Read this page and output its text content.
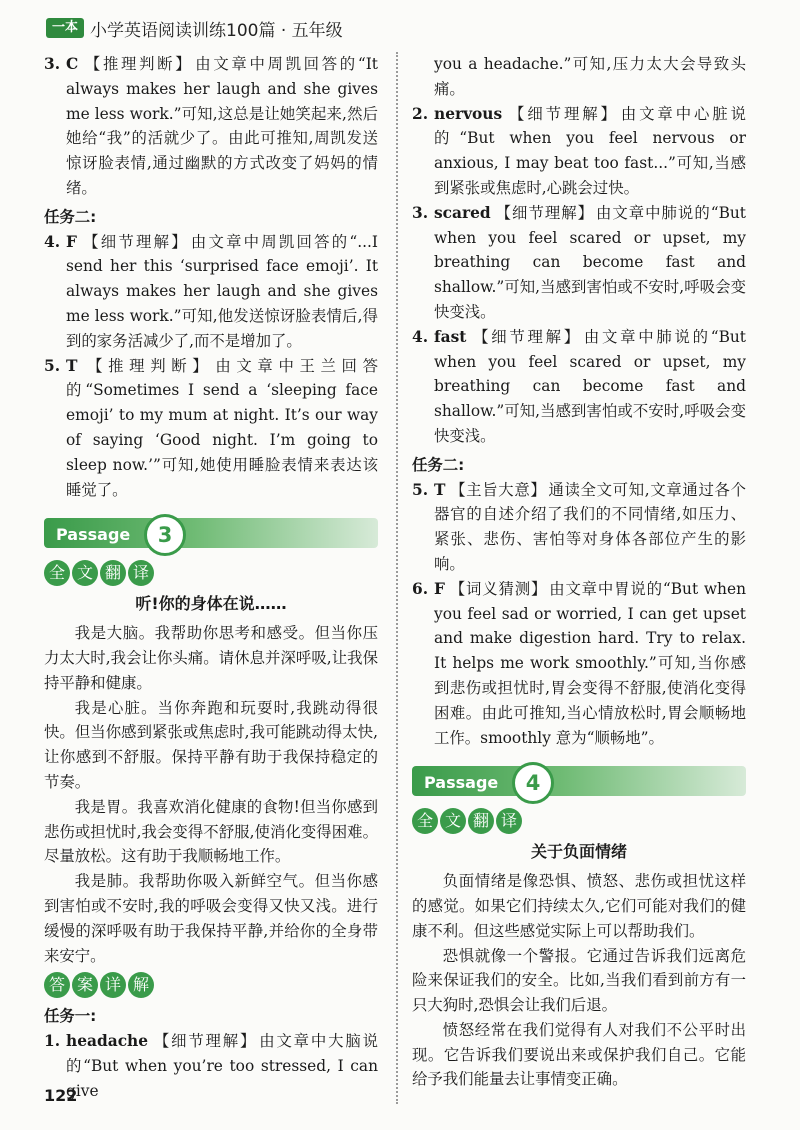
一本 小学英语阅读训练100篇 · 五年级
3. C 【推理判断】 由文章中周凯回答的“It always makes her laugh and she gives me less work.”可知,这总是让她笑起来,然后她给“我”的活就少了。由此可推知,周凯发送惊讶脸表情,通过幽默的方式改变了妈妈的情绪。
任务二:
4. F 【细节理解】 由文章中周凯回答的“...I send her this ‘surprised face emoji’. It always makes her laugh and she gives me less work.”可知,他发送惊讶脸表情后,得到的家务活减少了,而不是增加了。
5. T 【推理判断】 由文章中王兰回答的“Sometimes I send a ‘sleeping face emoji’ to my mum at night. It’s our way of saying ‘Good night. I’m going to sleep now.’”可知,她使用睡脸表情来表达该睡觉了。
Passage	3
全 文 翻 译
听!你的身体在说……
我是大脑。我帮助你思考和感受。但当你压力太大时,我会让你头痛。请休息并深呼吸,让我保持平静和健康。
我是心脏。当你奔跑和玩耍时,我跳动得很快。但当你感到紧张或焦虑时,我可能跳动得太快,让你感到不舒服。保持平静有助于我保持稳定的节奏。
我是胃。我喜欢消化健康的食物!但当你感到悲伤或担忧时,我会变得不舒服,使消化变得困难。尽量放松。这有助于我顺畅地工作。
我是肺。我帮助你吸入新鲜空气。但当你感到害怕或不安时,我的呼吸会变得又快又浅。进行缓慢的深呼吸有助于我保持平静,并给你的全身带来安宁。
答 案 详 解
任务一:
1. headache 【细节理解】 由文章中大脑说的“But when you’re too stressed, I can give
you a headache.”可知,压力太大会导致头痛。
2. nervous 【细节理解】 由文章中心脏说的“But when you feel nervous or anxious, I may beat too fast...”可知,当感到紧张或焦虑时,心跳会过快。
3. scared 【细节理解】 由文章中肺说的“But when you feel scared or upset, my breathing can become fast and shallow.”可知,当感到害怕或不安时,呼吸会变快变浅。
4. fast 【细节理解】 由文章中肺说的“But when you feel scared or upset, my breathing can become fast and shallow.”可知,当感到害怕或不安时,呼吸会变快变浅。
任务二:
5. T 【主旨大意】 通读全文可知,文章通过各个器官的自述介绍了我们的不同情绪,如压力、紧张、悲伤、害怕等对身体各部位产生的影响。
6. F 【词义猜测】 由文章中胃说的“But when you feel sad or worried, I can get upset and make digestion hard. Try to relax. It helps me work smoothly.”可知,当你感到悲伤或担忧时,胃会变得不舒服,使消化变得困难。由此可推知,当心情放松时,胃会顺畅地工作。smoothly 意为“顺畅地”。
Passage	4
全 文 翻 译
关于负面情绪
负面情绪是像恐惧、愤怒、悲伤或担忧这样的感觉。如果它们持续太久,它们可能对我们的健康不利。但这些感觉实际上可以帮助我们。
恐惧就像一个警报。它通过告诉我们远离危险来保证我们的安全。比如,当我们看到前方有一只大狗时,恐惧会让我们后退。
愤怒经常在我们觉得有人对我们不公平时出现。它告诉我们要说出来或保护我们自己。它能给予我们能量去让事情变正确。
122
